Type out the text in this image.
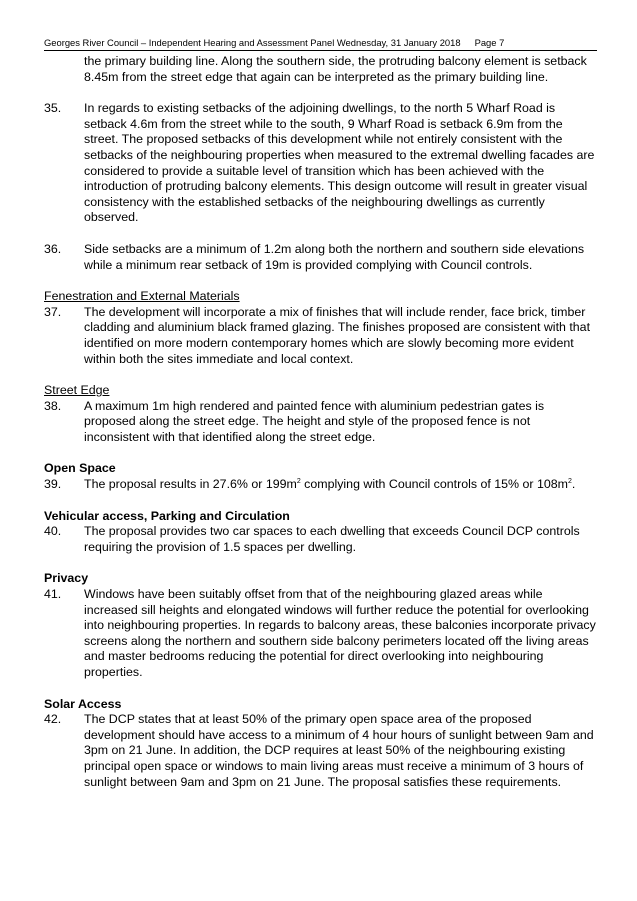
Georges River Council – Independent Hearing and Assessment Panel Wednesday, 31 January 2018 Page 7
the primary building line. Along the southern side, the protruding balcony element is setback 8.45m from the street edge that again can be interpreted as the primary building line.
35. In regards to existing setbacks of the adjoining dwellings, to the north 5 Wharf Road is setback 4.6m from the street while to the south, 9 Wharf Road is setback 6.9m from the street. The proposed setbacks of this development while not entirely consistent with the setbacks of the neighbouring properties when measured to the extremal dwelling facades are considered to provide a suitable level of transition which has been achieved with the introduction of protruding balcony elements. This design outcome will result in greater visual consistency with the established setbacks of the neighbouring dwellings as currently observed.
36. Side setbacks are a minimum of 1.2m along both the northern and southern side elevations while a minimum rear setback of 19m is provided complying with Council controls.
Fenestration and External Materials
37. The development will incorporate a mix of finishes that will include render, face brick, timber cladding and aluminium black framed glazing. The finishes proposed are consistent with that identified on more modern contemporary homes which are slowly becoming more evident within both the sites immediate and local context.
Street Edge
38. A maximum 1m high rendered and painted fence with aluminium pedestrian gates is proposed along the street edge. The height and style of the proposed fence is not inconsistent with that identified along the street edge.
Open Space
39. The proposal results in 27.6% or $199m^2$ complying with Council controls of 15% or $108m^2$.
Vehicular access, Parking and Circulation
40. The proposal provides two car spaces to each dwelling that exceeds Council DCP controls requiring the provision of 1.5 spaces per dwelling.
Privacy
41. Windows have been suitably offset from that of the neighbouring glazed areas while increased sill heights and elongated windows will further reduce the potential for overlooking into neighbouring properties. In regards to balcony areas, these balconies incorporate privacy screens along the northern and southern side balcony perimeters located off the living areas and master bedrooms reducing the potential for direct overlooking into neighbouring properties.
Solar Access
42. The DCP states that at least 50% of the primary open space area of the proposed development should have access to a minimum of 4 hour hours of sunlight between 9am and 3pm on 21 June. In addition, the DCP requires at least 50% of the neighbouring existing principal open space or windows to main living areas must receive a minimum of 3 hours of sunlight between 9am and 3pm on 21 June. The proposal satisfies these requirements.
